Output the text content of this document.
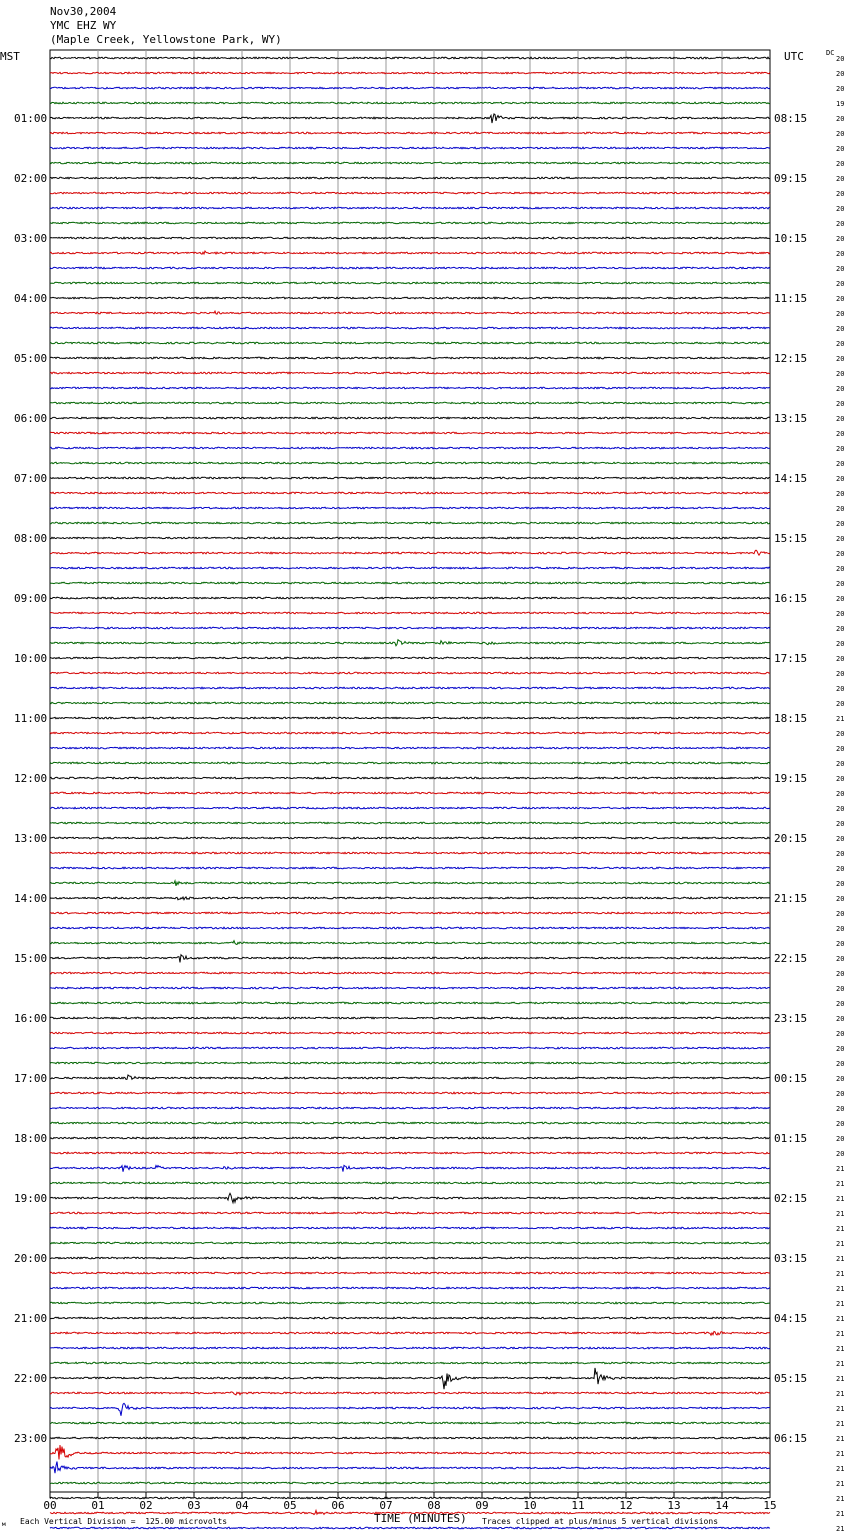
Nov30,2004
YMC EHZ WY
(Maple Creek, Yellowstone Park, WY)
MST	UTC	DC
20
20
20
19
20
20
20
20
20
20
20
20
20
20
20
20
20
20
20
20
20
20
20
20
20
20
20
20
20
20
20
20
20
20
20
20
20
20
20
20
20
20
20
20
21
20
20
20
20
20
20
20
20
20
20
20
20
20
20
20
20
20
20
20
20
20
20
20
20
20
20
20
20
20
21
21
21
21
21
21
21
21
21
21
21
21
21
21
21
21
21
21
21
21
21
21
21
21
21
01:00	08:15
02:00	09:15
03:00	10:15
04:00	11:15
05:00	12:15
06:00	13:15
07:00	14:15
08:00	15:15
09:00	16:15
10:00	17:15
11:00	18:15
12:00	19:15
13:00	20:15
14:00	21:15
15:00	22:15
16:00	23:15
17:00	00:15
18:00	01:15
19:00	02:15
20:00	03:15
21:00	04:15
22:00	05:15
23:00	06:15
00	01	02	03	04	05	06	07	08	09	10	11	12	13	14	15
TIME (MINUTES)
Each Vertical Division =  125.00 microvolts	Traces clipped at plus/minus 5 vertical divisions
м
